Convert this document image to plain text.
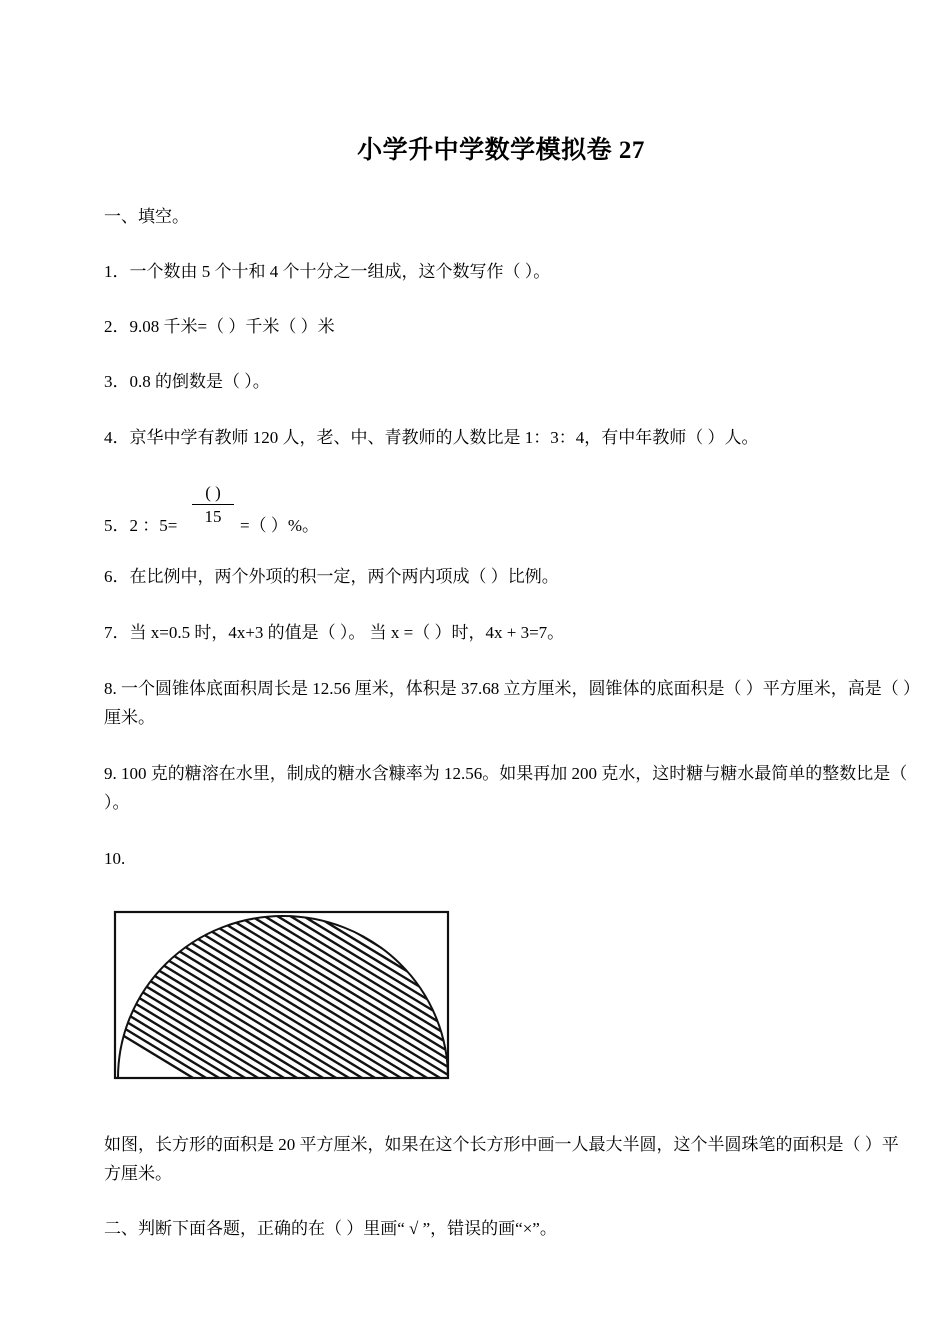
小学升中学数学模拟卷 27
一、填空。
1．一个数由 5 个十和 4 个十分之一组成，这个数写作（ ）。
2．9.08 千米=（ ）千米（ ）米
3．0.8 的倒数是（ ）。
4．京华中学有教师 120 人，老、中、青教师的人数比是 1：3：4，有中年教师（ ）人。
5．2 ：5=
( )
15	=（ ）%。
6．在比例中，两个外项的积一定，两个两内项成（ ）比例。
7．当 x=0.5 时，4x+3 的值是（ ）。 当 x =（ ）时，4x + 3=7。
8. 一个圆锥体底面积周长是 12.56 厘米，体积是 37.68 立方厘米，圆锥体的底面积是（ ）平方厘米，高是（ ）厘米。
9. 100 克的糖溶在水里，制成的糖水含糠率为 12.56。如果再加 200 克水，这时糖与糖水最简单的整数比是（ ）。
10.
如图，长方形的面积是 20 平方厘米，如果在这个长方形中画一人最大半圆，这个半圆珠笔的面积是（ ）平方厘米。
二、判断下面各题，正确的在（ ）里画“ √ ”，错误的画“×”。
